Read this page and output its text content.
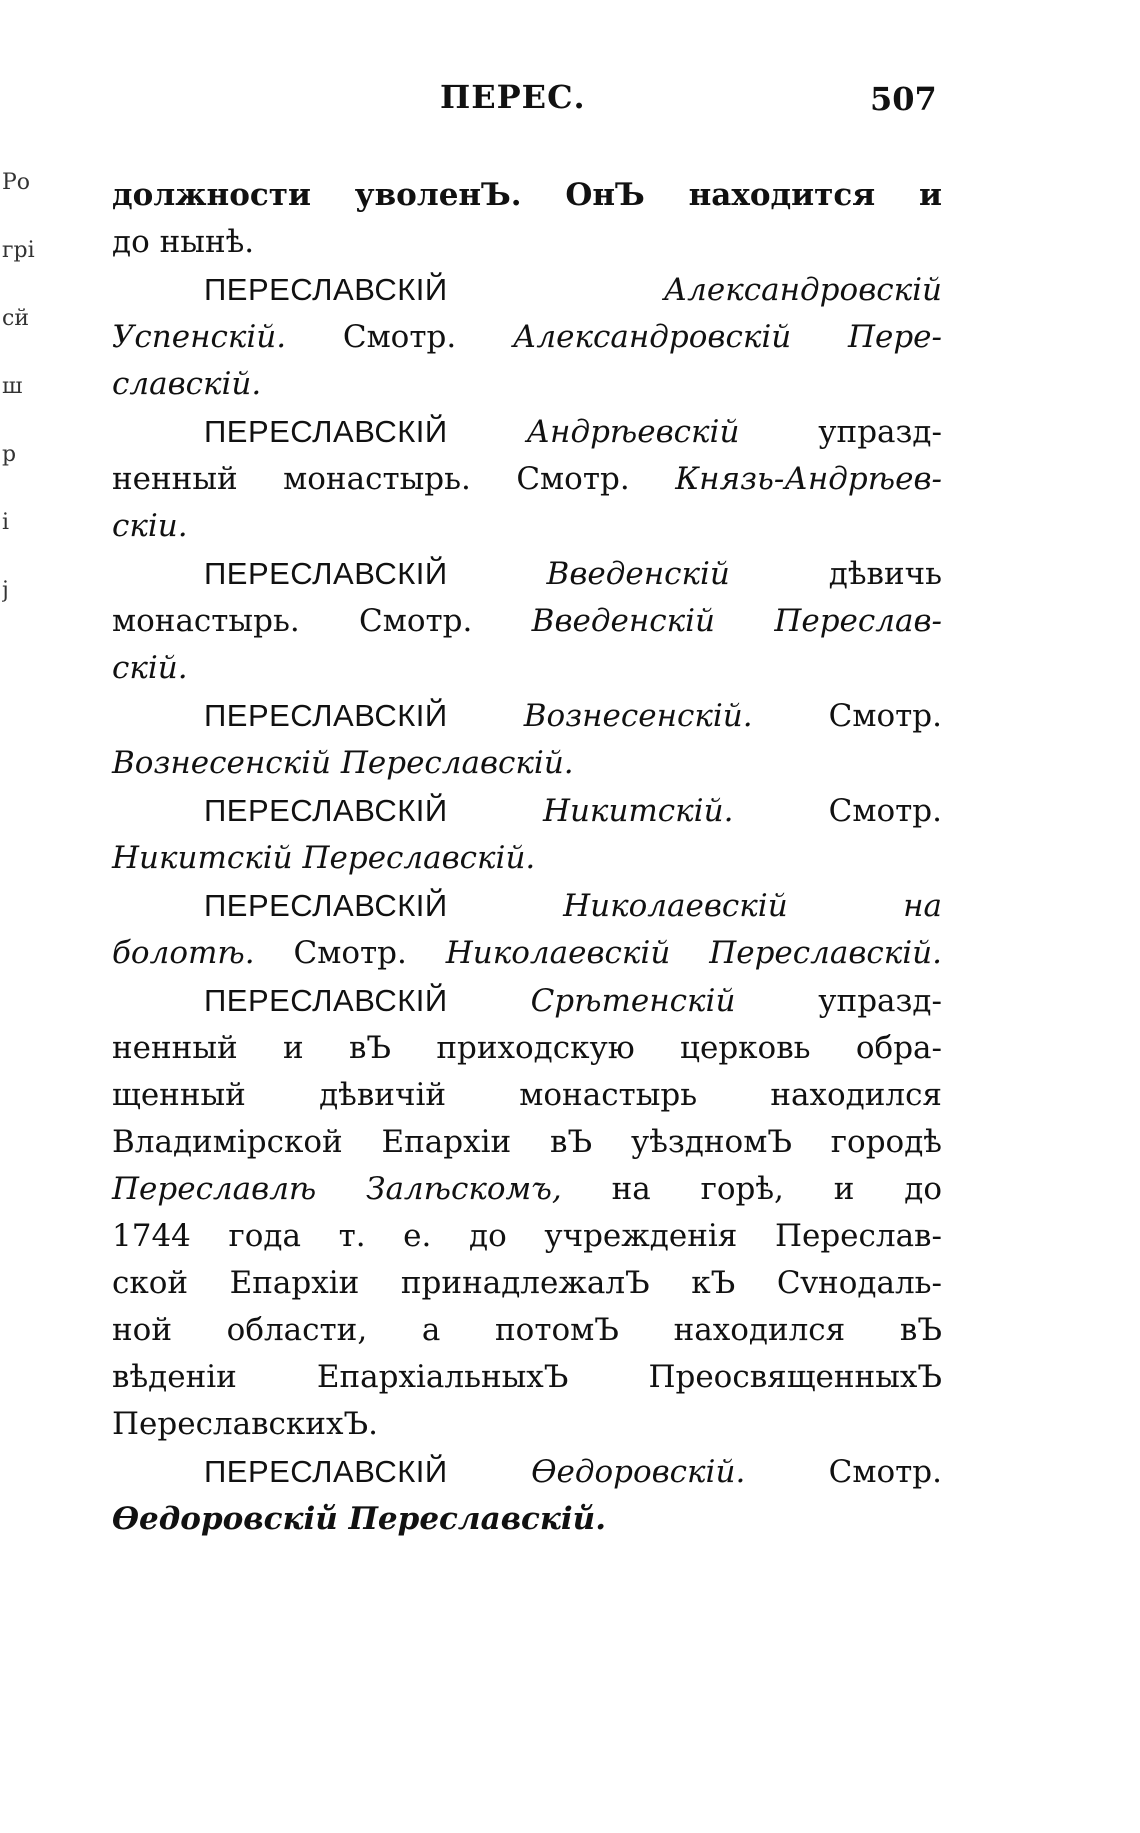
ПЕРЕС.	507
Ро
грі
сй
ш
р
і
ј
должности уволенЪ. ОнЪ находится и
до нынѣ.
ПЕРЕСЛАВСКІЙ	Александровскій
Успенскій. Смотр. Александровскій Пере-
славскій.
ПЕРЕСЛАВСКІЙ	Андрѣевскій упразд-
ненный монастырь. Смотр. Князь-Андрѣев-
скіи.
ПЕРЕСЛАВСКІЙ	Введенскій дѣвичь
монастырь. Смотр. Введенскій Переслав-
скій.
ПЕРЕСЛАВСКІЙ Вознесенскій. Смотр.
Вознесенскій Переславскій.
ПЕРЕСЛАВСКІЙ	Никитскій. Смотр.
Никитскій Переславскій.
ПЕРЕСЛАВСКІЙ	Николаевскій на
болотѣ. Смотр. Николаевскій Переславскій.
ПЕРЕСЛАВСКІЙ	Срѣтенскій упразд-
ненный и вЪ приходскую церковь обра-
щенный дѣвичій монастырь находился
Владимірской Епархіи вЪ уѣздномЪ городѣ
Переславлѣ Залѣскомъ, на горѣ, и до
1744 года т. е. до учрежденія Переслав-
ской Епархіи принадлежалЪ кЪ Сvнодаль-
ной области, а потомЪ находился вЪ
вѣденіи ЕпархіальныхЪ ПреосвященныхЪ
ПереславскихЪ.
ПЕРЕСЛАВСКІЙ	Ѳедоровскій. Смотр.
Ѳедоровскій Переславскій.
